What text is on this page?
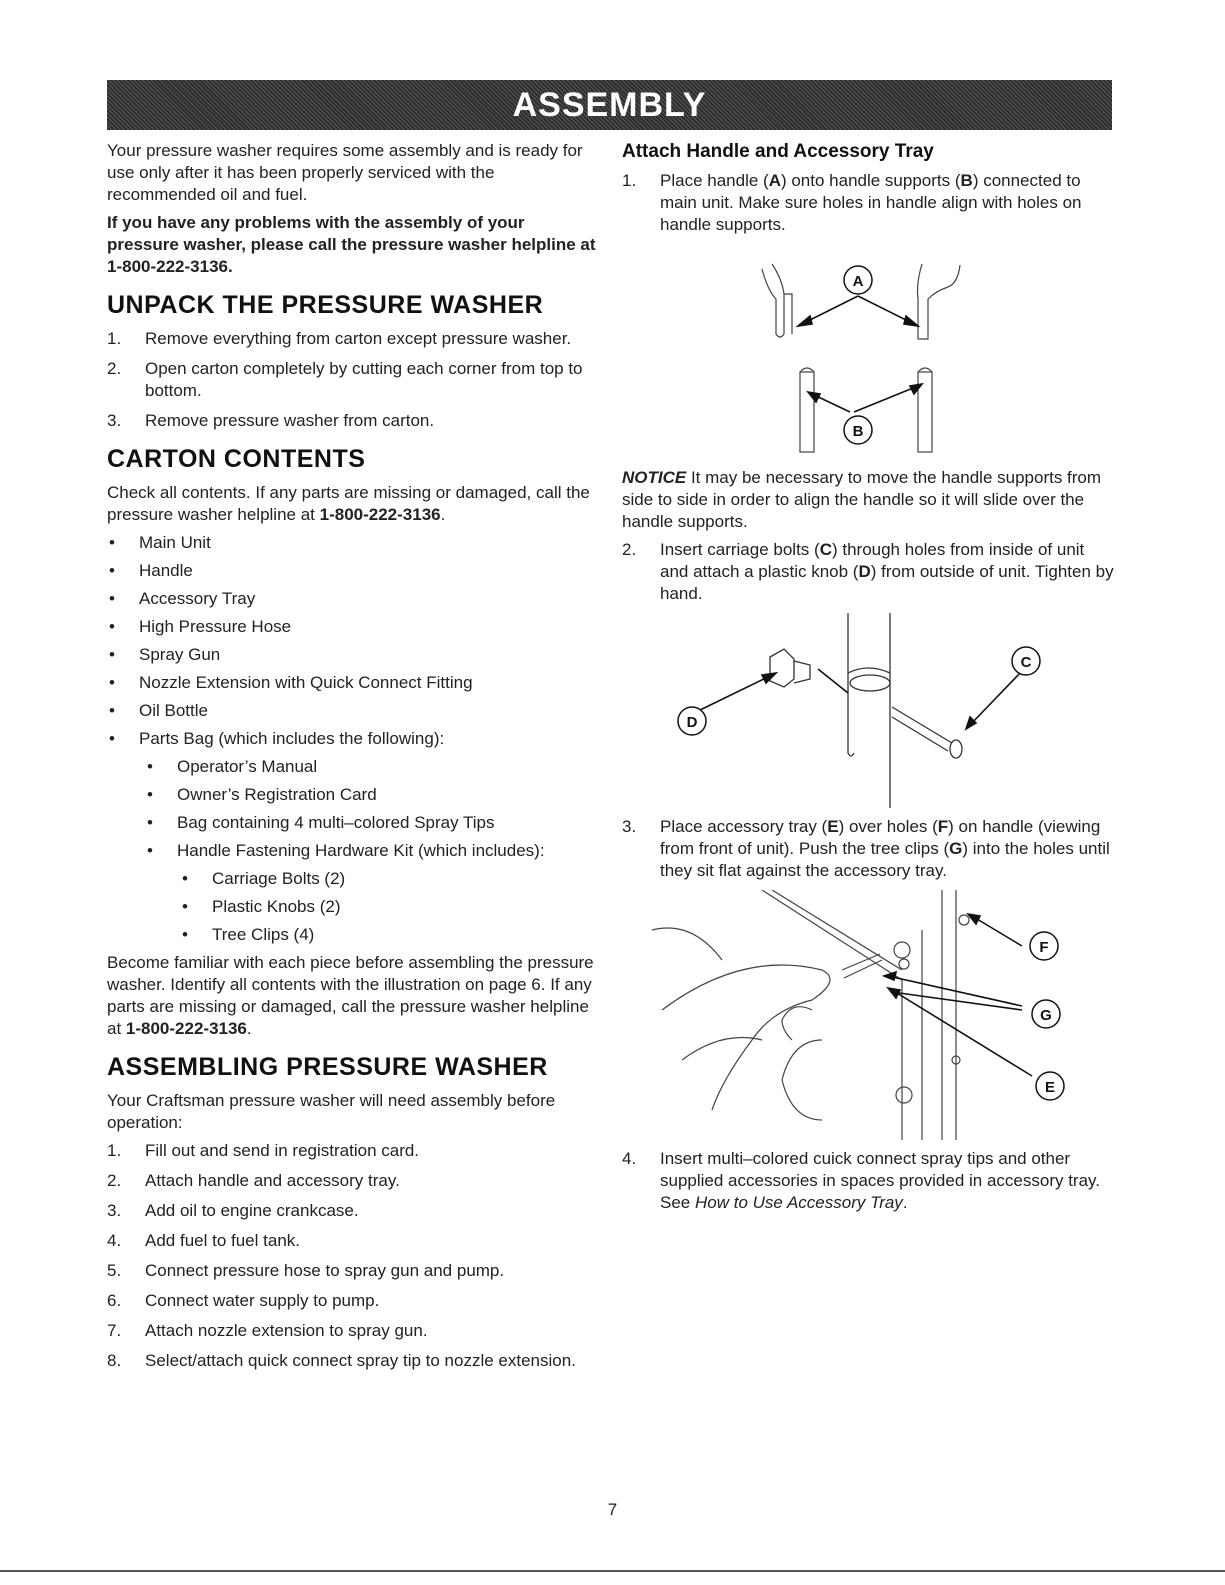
ASSEMBLY

Your pressure washer requires some assembly and is ready for use only after it has been properly serviced with the recommended oil and fuel.

If you have any problems with the assembly of your pressure washer, please call the pressure washer helpline at 1-800-222-3136.

UNPACK THE PRESSURE WASHER
1.	Remove everything from carton except pressure washer.
2.	Open carton completely by cutting each corner from top to bottom.
3.	Remove pressure washer from carton.
CARTON CONTENTS

Check all contents. If any parts are missing or damaged, call the pressure washer helpline at 1-800-222-3136.

•	Main Unit
•	Handle
•	Accessory Tray
•	High Pressure Hose
•	Spray Gun
•	Nozzle Extension with Quick Connect Fitting
•	Oil Bottle
•	Parts Bag (which includes the following):
•	Operator’s Manual
•	Owner’s Registration Card
•	Bag containing 4 multi–colored Spray Tips
•	Handle Fastening Hardware Kit (which includes):
•	Carriage Bolts (2)
•	Plastic Knobs (2)
•	Tree Clips (4)

Become familiar with each piece before assembling the pressure washer. Identify all contents with the illustration on page 6. If any parts are missing or damaged, call the pressure washer helpline at 1-800-222-3136.

ASSEMBLING PRESSURE WASHER

Your Craftsman pressure washer will need assembly before operation:

1.	Fill out and send in registration card.
2.	Attach handle and accessory tray.
3.	Add oil to engine crankcase.
4.	Add fuel to fuel tank.
5.	Connect pressure hose to spray gun and pump.
6.	Connect water supply to pump.
7.	Attach nozzle extension to spray gun.
8.	Select/attach quick connect spray tip to nozzle extension.
Attach Handle and Accessory Tray
1.	Place handle (A) onto handle supports (B) connected to main unit. Make sure holes in handle align with holes on handle supports.
A
B

NOTICE It may be necessary to move the handle supports from side to side in order to align the handle so it will slide over the handle supports.

2.	Insert carriage bolts (C) through holes from inside of unit and attach a plastic knob (D) from outside of unit. Tighten by hand.
D
C
3.	Place accessory tray (E) over holes (F) on handle (viewing from front of unit). Push the tree clips (G) into the holes until they sit flat against the accessory tray.
F
G
E
4.	Insert multi–colored cuick connect spray tips and other supplied accessories in spaces provided in accessory tray. See How to Use Accessory Tray.
7
